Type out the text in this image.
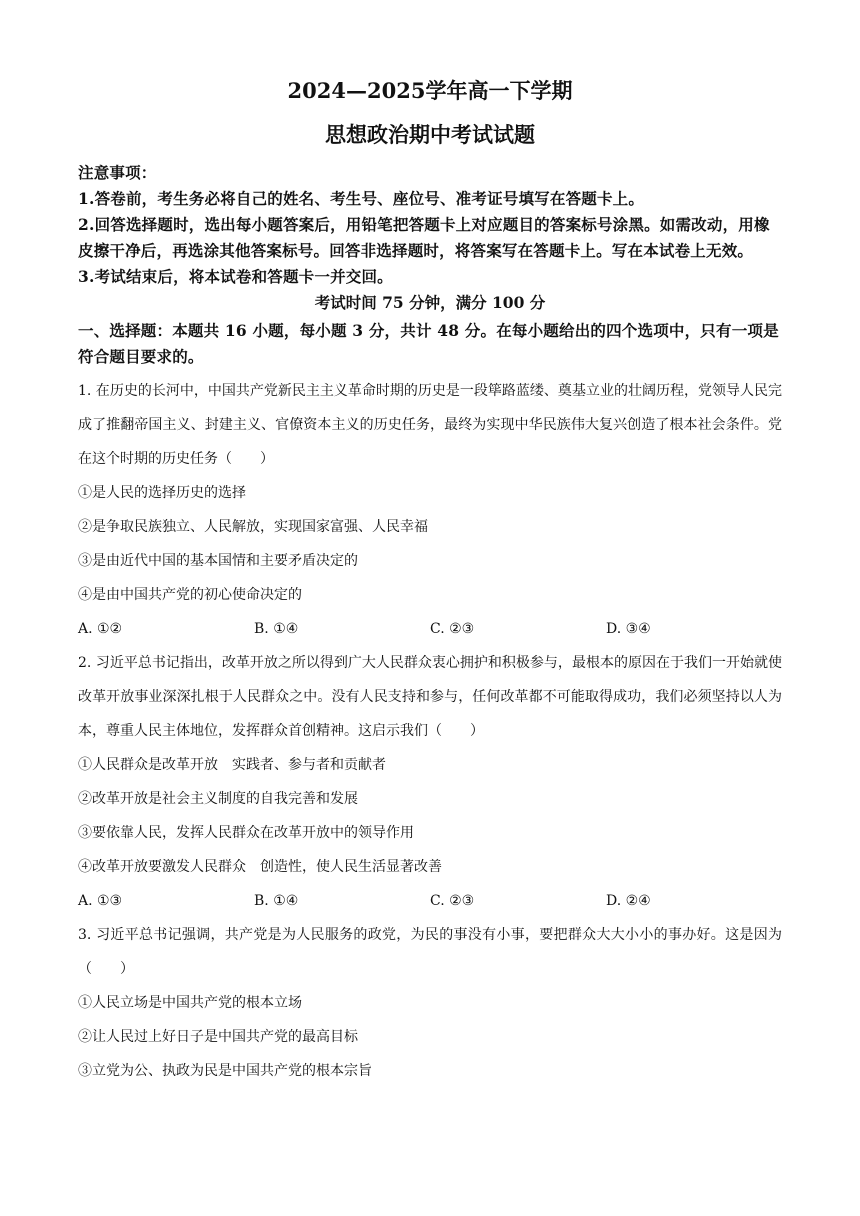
2024—2025学年高一下学期
思想政治期中考试试题
注意事项：
1.答卷前，考生务必将自己的姓名、考生号、座位号、准考证号填写在答题卡上。
2.回答选择题时，选出每小题答案后，用铅笔把答题卡上对应题目的答案标号涂黑。如需改动，用橡皮擦干净后，再选涂其他答案标号。回答非选择题时，将答案写在答题卡上。写在本试卷上无效。
3.考试结束后，将本试卷和答题卡一并交回。
考试时间 75 分钟，满分 100 分
一、选择题：本题共 16 小题，每小题 3 分，共计 48 分。在每小题给出的四个选项中，只有一项是符合题目要求的。
1. 在历史的长河中，中国共产党新民主主义革命时期的历史是一段筚路蓝缕、奠基立业的壮阔历程，党领导人民完成了推翻帝国主义、封建主义、官僚资本主义的历史任务，最终为实现中华民族伟大复兴创造了根本社会条件。党在这个时期的历史任务（　　）
①是人民的选择历史的选择
②是争取民族独立、人民解放，实现国家富强、人民幸福
③是由近代中国的基本国情和主要矛盾决定的
④是由中国共产党的初心使命决定的
A. ①②	B. ①④	C. ②③	D. ③④
2. 习近平总书记指出，改革开放之所以得到广大人民群众衷心拥护和积极参与，最根本的原因在于我们一开始就使改革开放事业深深扎根于人民群众之中。没有人民支持和参与，任何改革都不可能取得成功，我们必须坚持以人为本，尊重人民主体地位，发挥群众首创精神。这启示我们（　　）
①人民群众是改革开放　实践者、参与者和贡献者
②改革开放是社会主义制度的自我完善和发展
③要依靠人民，发挥人民群众在改革开放中的领导作用
④改革开放要激发人民群众　创造性，使人民生活显著改善
A. ①③	B. ①④	C. ②③	D. ②④
3. 习近平总书记强调，共产党是为人民服务的政党，为民的事没有小事，要把群众大大小小的事办好。这是因为（　　）
①人民立场是中国共产党的根本立场
②让人民过上好日子是中国共产党的最高目标
③立党为公、执政为民是中国共产党的根本宗旨
